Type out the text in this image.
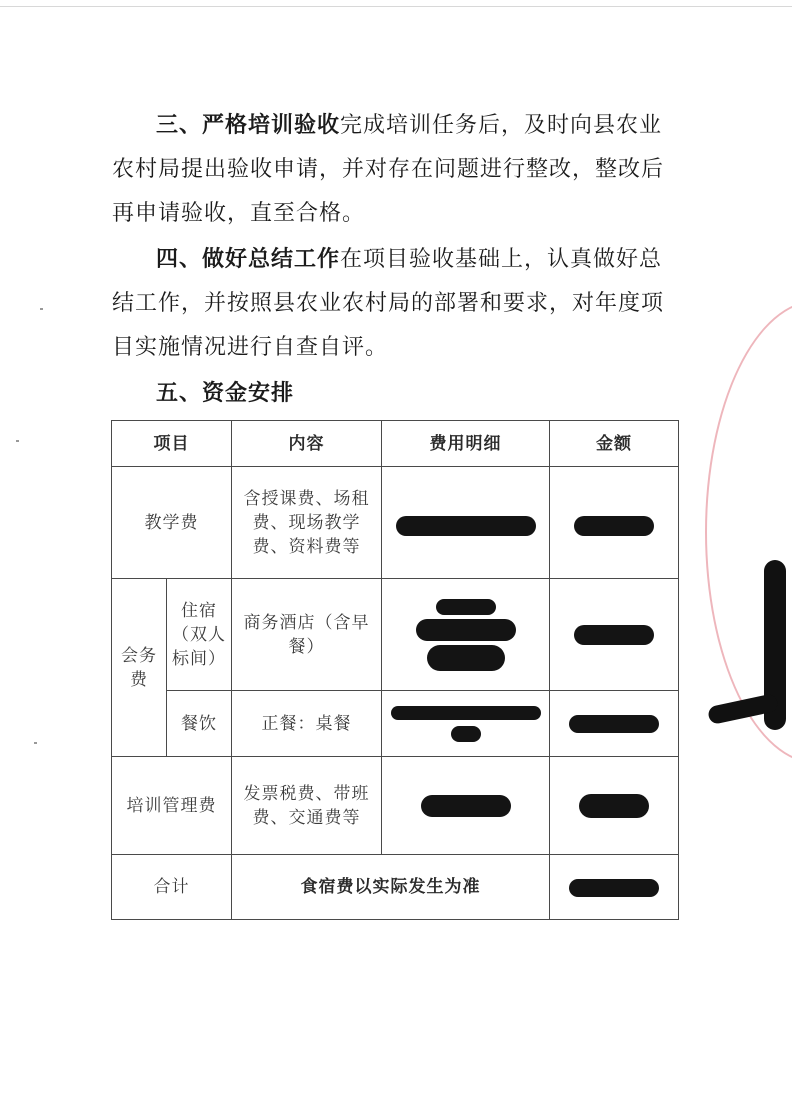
三、严格培训验收完成培训任务后，及时向县农业农村局提出验收申请，并对存在问题进行整改，整改后再申请验收，直至合格。

四、做好总结工作在项目验收基础上，认真做好总结工作，并按照县农业农村局的部署和要求，对年度项目实施情况进行自查自评。

五、资金安排

项目		内容	费用明细	金额
教学费		含授课费、场租费、现场教学费、资料费等		
会务费	住宿（双人标间）	商务酒店（含早餐）	

	餐饮	正餐：桌餐	

培训管理费		发票税费、带班费、交通费等		
合计		食宿费以实际发生为准		
